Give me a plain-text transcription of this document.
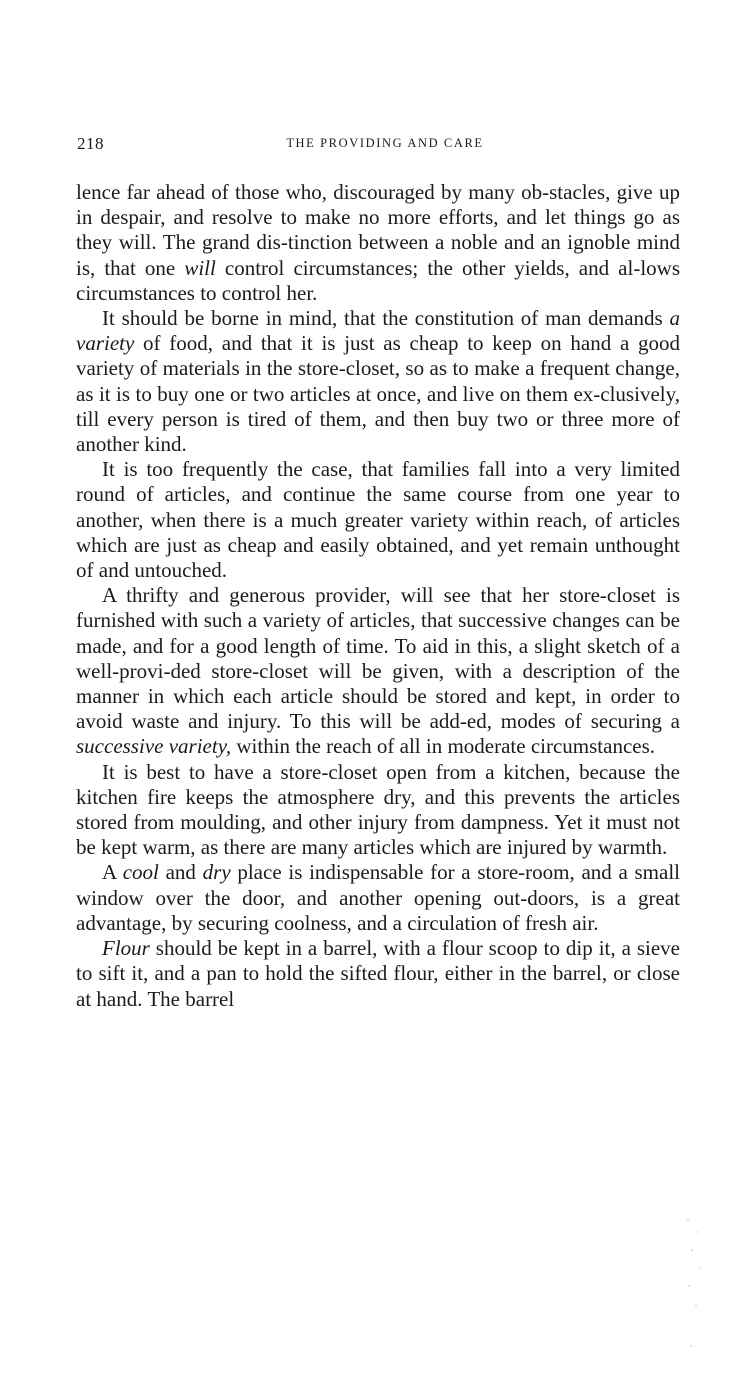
218	THE PROVIDING AND CARE

lence far ahead of those who, discouraged by many ob-stacles, give up in despair, and resolve to make no more efforts, and let things go as they will. The grand dis-tinction between a noble and an ignoble mind is, that one will control circumstances; the other yields, and al-lows circumstances to control her.

It should be borne in mind, that the constitution of man demands a variety of food, and that it is just as cheap to keep on hand a good variety of materials in the store-closet, so as to make a frequent change, as it is to buy one or two articles at once, and live on them ex-clusively, till every person is tired of them, and then buy two or three more of another kind.

It is too frequently the case, that families fall into a very limited round of articles, and continue the same course from one year to another, when there is a much greater variety within reach, of articles which are just as cheap and easily obtained, and yet remain unthought of and untouched.

A thrifty and generous provider, will see that her store-closet is furnished with such a variety of articles, that successive changes can be made, and for a good length of time. To aid in this, a slight sketch of a well-provi-ded store-closet will be given, with a description of the manner in which each article should be stored and kept, in order to avoid waste and injury. To this will be add-ed, modes of securing a successive variety, within the reach of all in moderate circumstances.

It is best to have a store-closet open from a kitchen, because the kitchen fire keeps the atmosphere dry, and this prevents the articles stored from moulding, and other injury from dampness. Yet it must not be kept warm, as there are many articles which are injured by warmth.

A cool and dry place is indispensable for a store-room, and a small window over the door, and another opening out-doors, is a great advantage, by securing coolness, and a circulation of fresh air.

Flour should be kept in a barrel, with a flour scoop to dip it, a sieve to sift it, and a pan to hold the sifted flour, either in the barrel, or close at hand. The barrel
